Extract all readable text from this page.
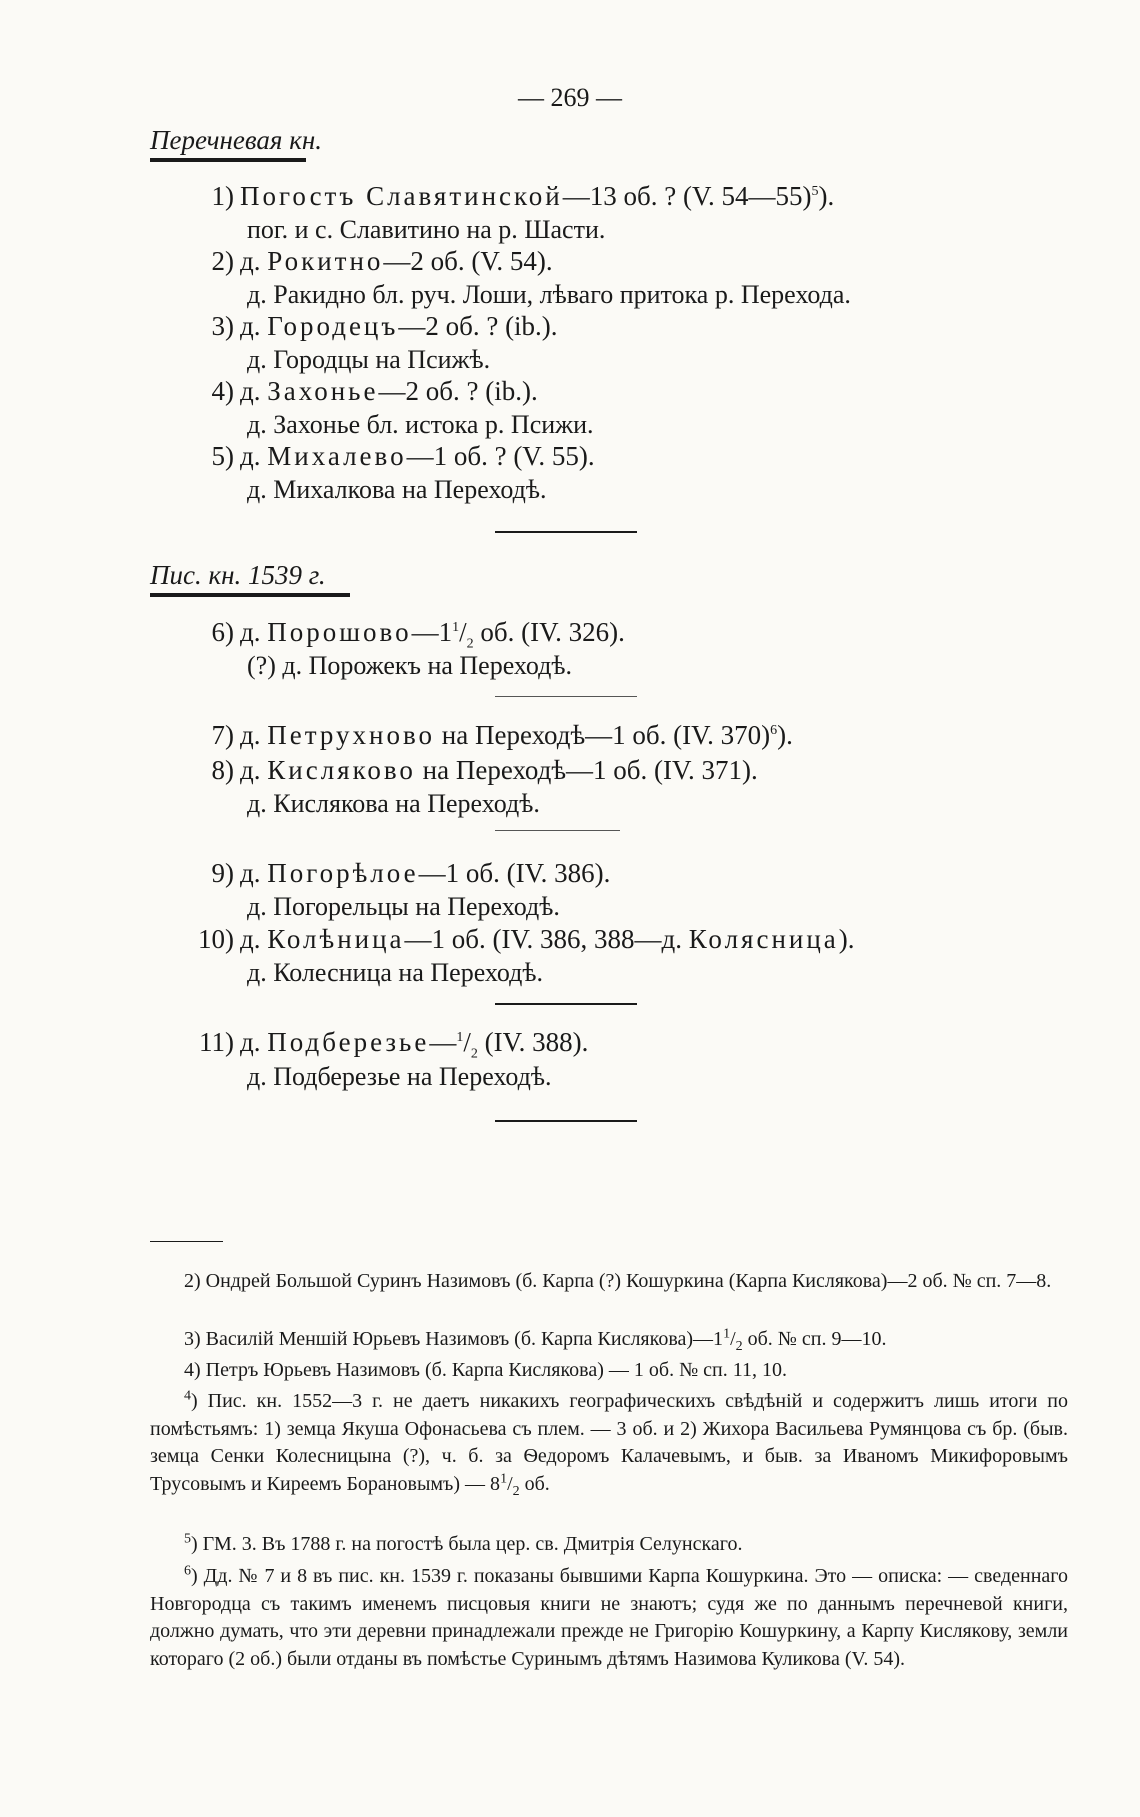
— 269 —
Перечневая кн.
1) Погостъ Славятинской—13 об. ? (V. 54—55)$^5$).
пог. и с. Славитино на р. Шасти.
2) д. Рокитно—2 об. (V. 54).
д. Ракидно бл. руч. Лоши, лѣваго притока р. Перехода.
3) д. Городецъ—2 об. ? (ib.).
д. Городцы на Псижѣ.
4) д. Захонье—2 об. ? (ib.).
д. Захонье бл. истока р. Псижи.
5) д. Михалево—1 об. ? (V. 55).
д. Михалкова на Переходѣ.
Пис. кн. 1539 г.
6) д. $Порошово—1^1/_2$ об. (IV. 326).
(?) д. Порожекъ на Переходѣ.
7) д. Петрухново на Переходѣ—1 об. (IV. 370)$^6$).
8) д. Кисляково на Переходѣ—1 об. (IV. 371).
д. Кислякова на Переходѣ.
9) д. Погорѣлое—1 об. (IV. 386).
д. Погорельцы на Переходѣ.
10) д. Колѣница—1 об. (IV. 386, 388—д. Колясница).
д. Колесница на Переходѣ.
11) д. $Подберезье—^1/_2$ (IV. 388).
д. Подберезье на Переходѣ.
2) Ондрей Большой Суринъ Назимовъ (б. Карпа (?) Кошуркина (Карпа Кислякова)—2 об. № сп. 7—8.
3) Василій Меншій Юрьевъ Назимовъ (б. Карпа $Кислякова)—1^1/_2$ об. № сп. 9—10.
4) Петръ Юрьевъ Назимовъ (б. Карпа Кислякова) — 1 об. № сп. 11, 10.
$^4$) Пис. кн. 1552—3 г. не даетъ никакихъ географическихъ свѣдѣній и содержитъ лишь итоги по помѣстьямъ: 1) земца Якуша Офонасьева съ плем. — 3 об. и 2) Жихора Васильева Румянцова съ бр. (быв. земца Сенки Колесницына (?), ч. б. за Ѳедоромъ Калачевымъ, и быв. за Иваномъ Микифоровымъ Трусовымъ и Киреемъ Борановымъ) — $8^1/_2$ об.
$^5$) ГМ. 3. Въ 1788 г. на погостѣ была цер. св. Дмитрія Селунскаго.
$^6$) Дд. № 7 и 8 въ пис. кн. 1539 г. показаны бывшими Карпа Кошуркина. Это — описка: — сведеннаго Новгородца съ такимъ именемъ писцовыя книги не знаютъ; судя же по даннымъ перечневой книги, должно думать, что эти деревни принадлежали прежде не Григорію Кошуркину, а Карпу Кислякову, земли котораго (2 об.) были отданы въ помѣстье Суринымъ дѣтямъ Назимова Куликова (V. 54).
